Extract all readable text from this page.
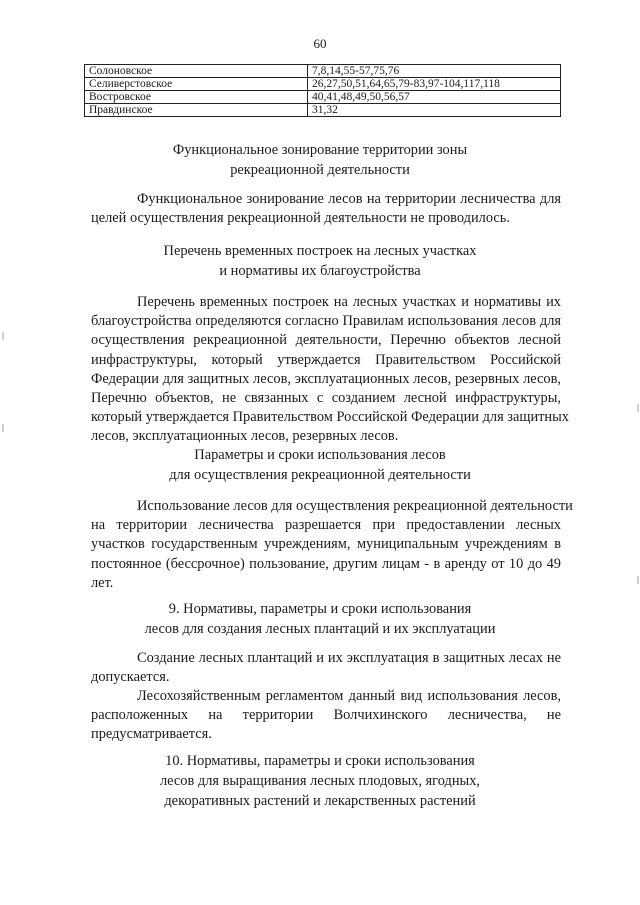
60
Солоновское	7,8,14,55-57,75,76
Селиверстовское	26,27,50,51,64,65,79-83,97-104,117,118
Востровское	40,41,48,49,50,56,57
Правдинское	31,32
Функциональное зонирование территории зоны
рекреационной деятельности
Функциональное зонирование лесов на территории лесничества для
целей осуществления рекреационной деятельности не проводилось.
Перечень временных построек на лесных участках
и нормативы их благоустройства
Перечень временных построек на лесных участках и нормативы их
благоустройства определяются согласно Правилам использования лесов для
осуществления рекреационной деятельности, Перечню объектов лесной
инфраструктуры, который утверждается Правительством Российской
Федерации для защитных лесов, эксплуатационных лесов, резервных лесов,
Перечню объектов, не связанных с созданием лесной инфраструктуры,
который утверждается Правительством Российской Федерации для защитных
лесов, эксплуатационных лесов, резервных лесов.
Параметры и сроки использования лесов
для осуществления рекреационной деятельности
Использование лесов для осуществления рекреационной деятельности
на территории лесничества разрешается при предоставлении лесных
участков государственным учреждениям, муниципальным учреждениям в
постоянное (бессрочное) пользование, другим лицам - в аренду от 10 до 49
лет.
9. Нормативы, параметры и сроки использования
лесов для создания лесных плантаций и их эксплуатации
Создание лесных плантаций и их эксплуатация в защитных лесах не
допускается.
Лесохозяйственным регламентом данный вид использования лесов,
расположенных на территории Волчихинского лесничества, не
предусматривается.
10. Нормативы, параметры и сроки использования
лесов для выращивания лесных плодовых, ягодных,
декоративных растений и лекарственных растений
